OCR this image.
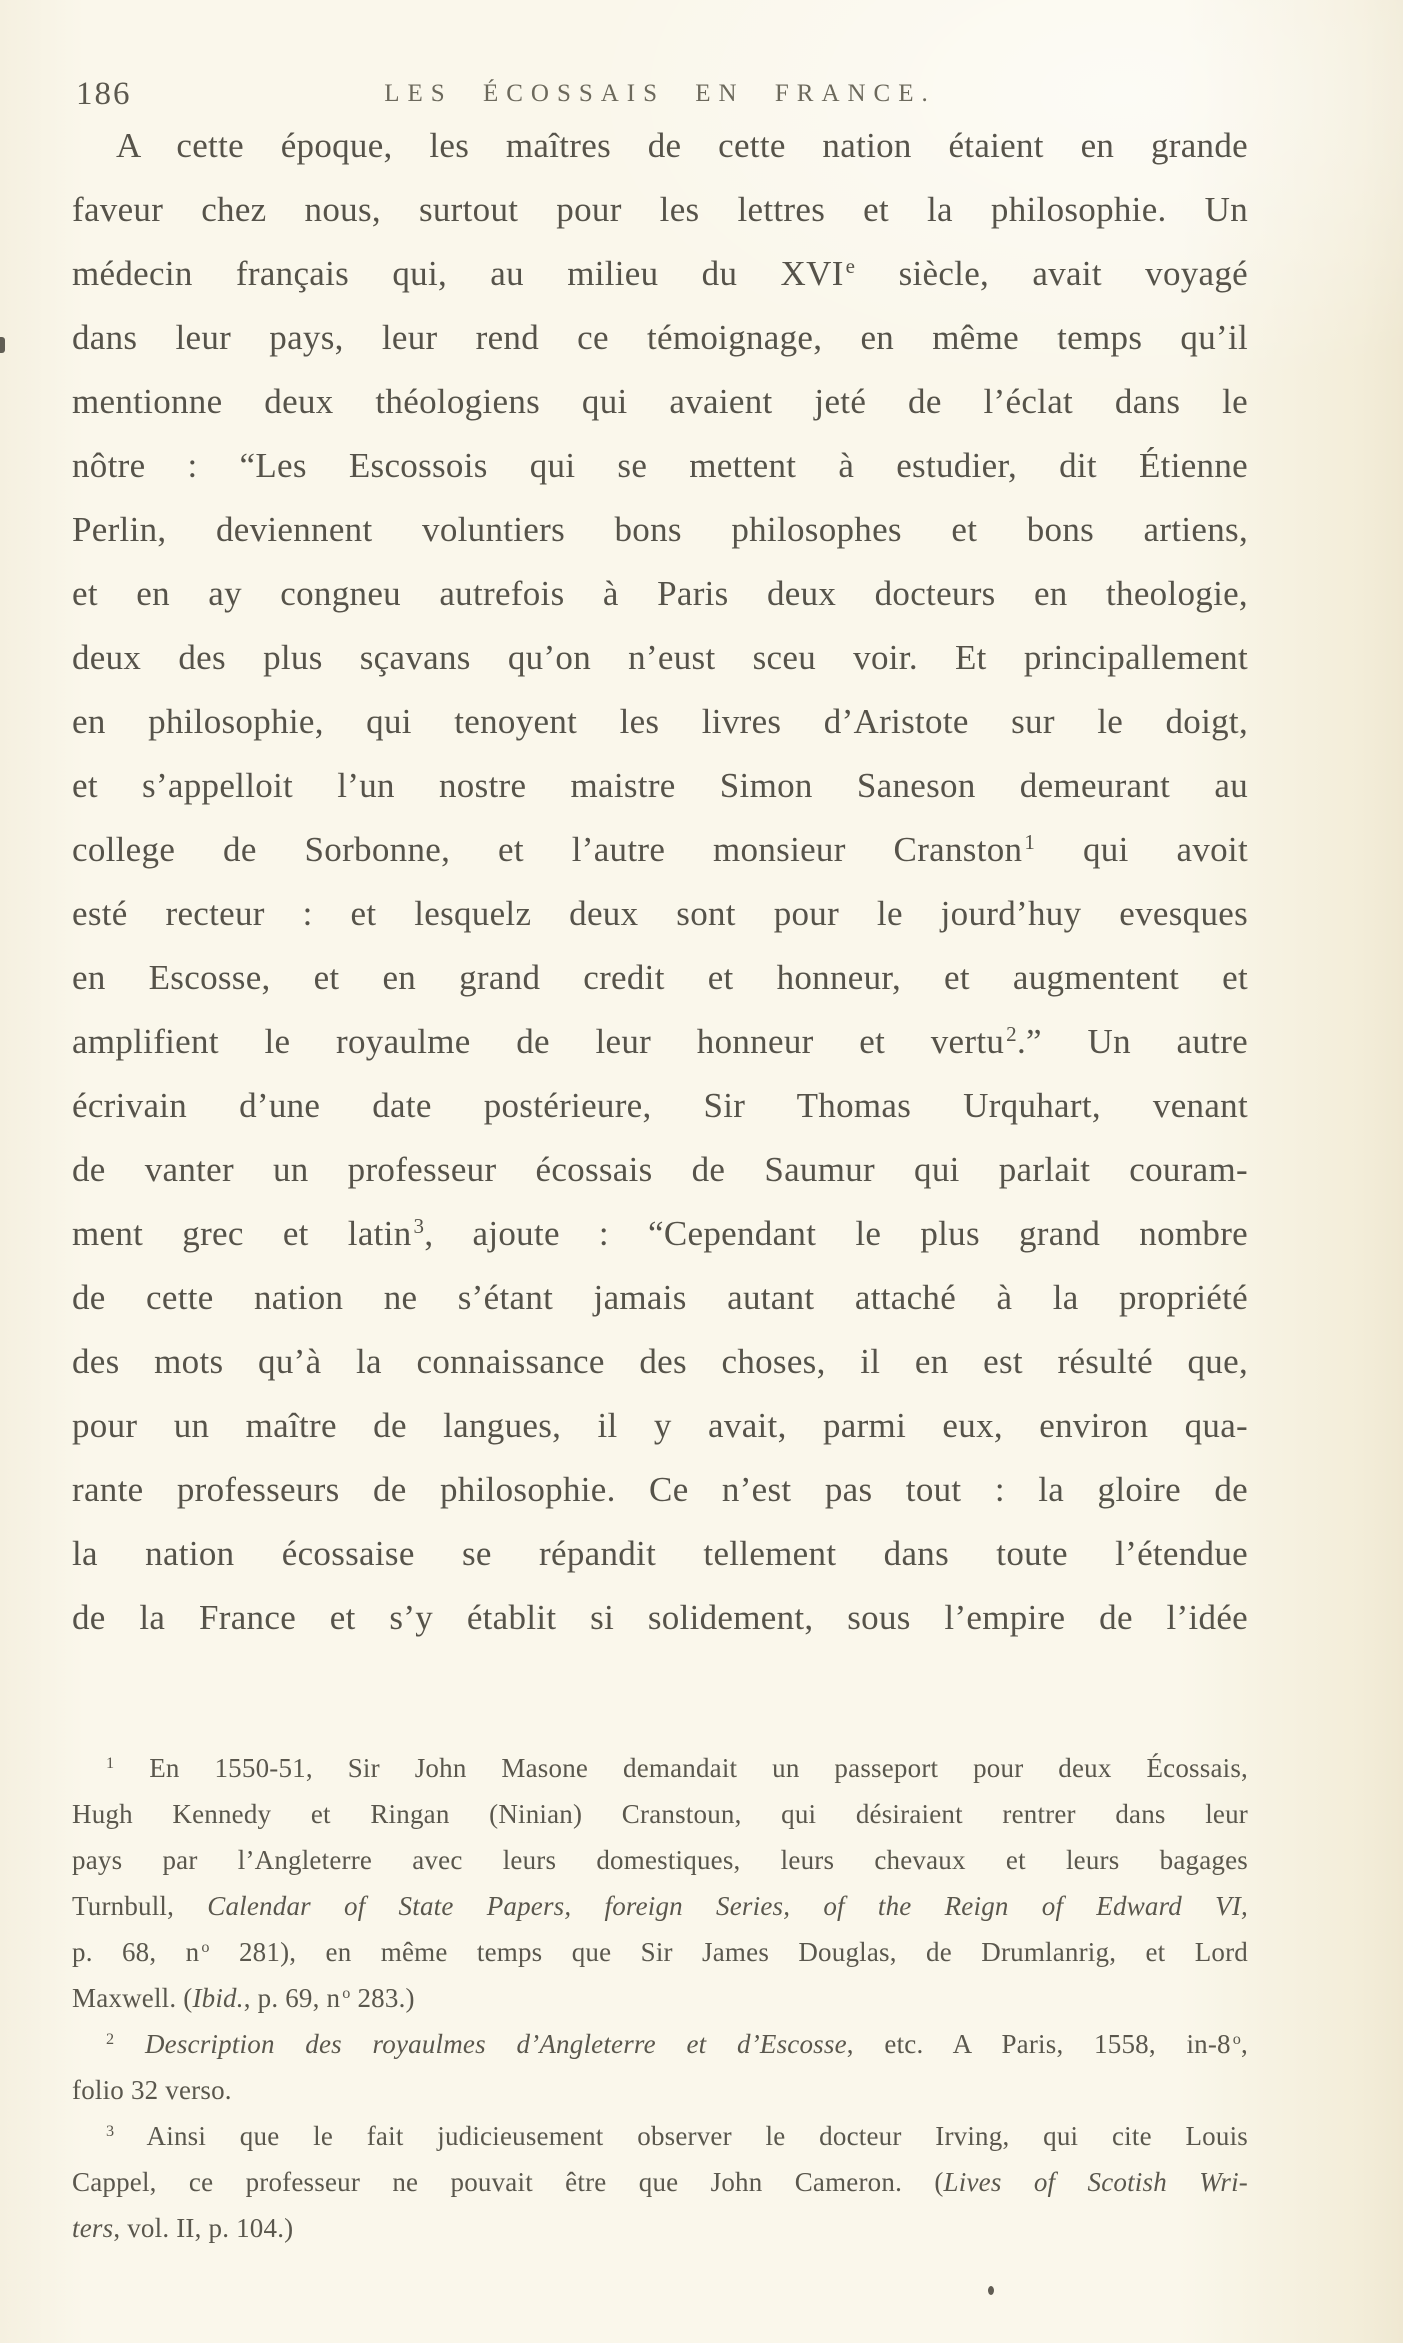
186	LES ÉCOSSAIS EN FRANCE.
A cette époque, les maîtres de cette nation étaient en grande
faveur chez nous, surtout pour les lettres et la philosophie. Un
médecin français qui, au milieu du XVIe siècle, avait voyagé
dans leur pays, leur rend ce témoignage, en même temps qu’il
mentionne deux théologiens qui avaient jeté de l’éclat dans le
nôtre : “Les Escossois qui se mettent à estudier, dit Étienne
Perlin, deviennent voluntiers bons philosophes et bons artiens,
et en ay congneu autrefois à Paris deux docteurs en theologie,
deux des plus sçavans qu’on n’eust sceu voir. Et principallement
en philosophie, qui tenoyent les livres d’Aristote sur le doigt,
et s’appelloit l’un nostre maistre Simon Saneson demeurant au
college de Sorbonne, et l’autre monsieur Cranston$^1$ qui avoit
esté recteur : et lesquelz deux sont pour le jourd’huy evesques
en Escosse, et en grand credit et honneur, et augmentent et
amplifient le royaulme de leur honneur et vertu$^2$.” Un autre
écrivain d’une date postérieure, Sir Thomas Urquhart, venant
de vanter un professeur écossais de Saumur qui parlait couram-
ment grec et latin$^3$, ajoute : “Cependant le plus grand nombre
de cette nation ne s’étant jamais autant attaché à la propriété
des mots qu’à la connaissance des choses, il en est résulté que,
pour un maître de langues, il y avait, parmi eux, environ qua-
rante professeurs de philosophie. Ce n’est pas tout : la gloire de
la nation écossaise se répandit tellement dans toute l’étendue
de la France et s’y établit si solidement, sous l’empire de l’idée
$^1$ En 1550-51, Sir John Masone demandait un passeport pour deux Écossais,
Hugh Kennedy et Ringan (Ninian) Cranstoun, qui désiraient rentrer dans leur
pays par l’Angleterre avec leurs domestiques, leurs chevaux et leurs bagages
Turnbull, Calendar of State Papers, foreign Series, of the Reign of Edward VI,
p. 68, n $^o$ 281), en même temps que Sir James Douglas, de Drumlanrig, et Lord
Maxwell. (Ibid., p. 69, n $^o$ 283.)
$^2$ Description des royaulmes d’Angleterre et d’Escosse, etc. A Paris, 1558, in-8 $^o$,
folio 32 verso.
$^3$ Ainsi que le fait judicieusement observer le docteur Irving, qui cite Louis
Cappel, ce professeur ne pouvait être que John Cameron. (Lives of Scotish Wri-
ters, vol. II, p. 104.)
